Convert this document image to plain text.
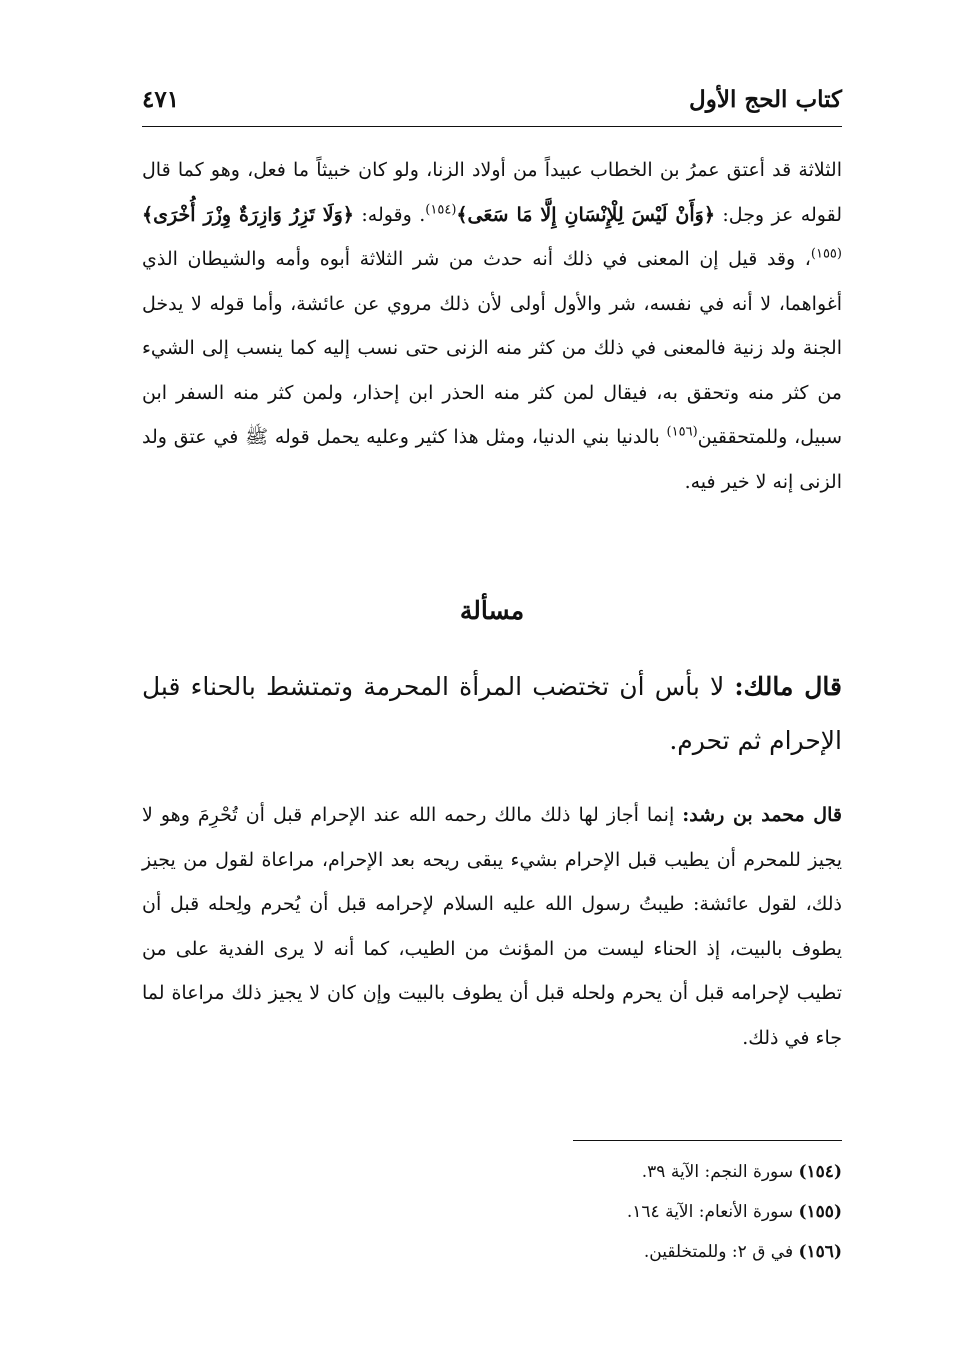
كتاب الحج الأول
٤٧١
الثلاثة قد أعتق عمرُ بن الخطاب عبيداً من أولاد الزنا، ولو كان خبيثاً ما فعل، وهو كما قال لقوله عز وجل: ﴿وَأَنْ لَيْسَ لِلْإِنْسَانِ إِلَّا مَا سَعَى﴾$^{(١٥٤)}$. وقوله: ﴿وَلَا تَزِرُ وَازِرَةٌ وِزْرَ أُخْرَى﴾$^{(١٥٥)}$، وقد قيل إن المعنى في ذلك أنه حدث من شر الثلاثة أبوه وأمه والشيطان الذي أغواهما، لا أنه في نفسه، شر والأول أولى لأن ذلك مروي عن عائشة، وأما قوله لا يدخل الجنة ولد زنية فالمعنى في ذلك من كثر منه الزنى حتى نسب إليه كما ينسب إلى الشيء من كثر منه وتحقق به، فيقال لمن كثر منه الحذر ابن إحذار، ولمن كثر منه السفر ابن سبيل، وللمتحققين$^{(١٥٦)}$ بالدنيا بني الدنيا، ومثل هذا كثير وعليه يحمل قوله ﷺ في عتق ولد الزنى إنه لا خير فيه.
مسألة
قال مالك: لا بأس أن تختضب المرأة المحرمة وتمتشط بالحناء قبل الإحرام ثم تحرم.
قال محمد بن رشد: إنما أجاز لها ذلك مالك رحمه الله عند الإحرام قبل أن تُحْرِمَ وهو لا يجيز للمحرم أن يطيب قبل الإحرام بشيء يبقى ريحه بعد الإحرام، مراعاة لقول من يجيز ذلك، لقول عائشة: طيبتُ رسول الله عليه السلام لإحرامه قبل أن يُحرم ولِحله قبل أن يطوف بالبيت، إذ الحناء ليست من المؤنث من الطيب، كما أنه لا يرى الفدية على من تطيب لإحرامه قبل أن يحرم ولحله قبل أن يطوف بالبيت وإن كان لا يجيز ذلك مراعاة لما جاء في ذلك.
(١٥٤) سورة النجم: الآية ٣٩.
(١٥٥) سورة الأنعام: الآية ١٦٤.
(١٥٦) في ق ٢: وللمتخلقين.
